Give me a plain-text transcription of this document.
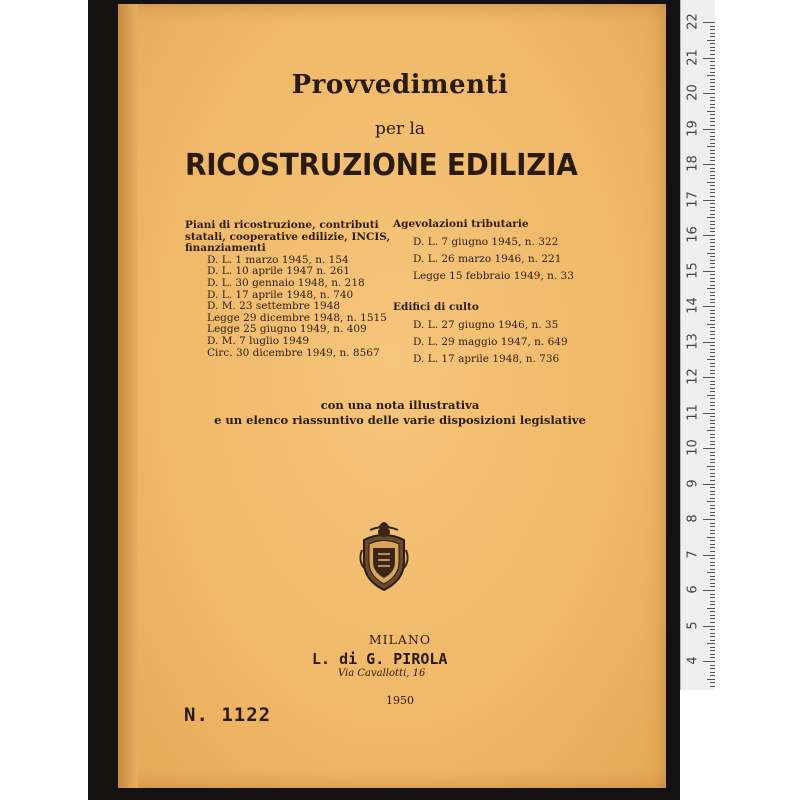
22
21
20
19
18
17
16
15
14
13
12
11
10
9
8
7
6
5
4
Provvedimenti
per la
RICOSTRUZIONE EDILIZIA
Piani di ricostruzione, contributi
statali, cooperative edilizie, INCIS,
finanziamenti
D. L. 1 marzo 1945, n. 154
D. L. 10 aprile 1947 n. 261
D. L. 30 gennaio 1948, n. 218
D. L. 17 aprile 1948, n. 740
D. M. 23 settembre 1948
Legge 29 dicembre 1948, n. 1515
Legge 25 giugno 1949, n. 409
D. M. 7 luglio 1949
Circ. 30 dicembre 1949, n. 8567
Agevolazioni tributarie
D. L. 7 giugno 1945, n. 322
D. L. 26 marzo 1946, n. 221
Legge 15 febbraio 1949, n. 33
Edifici di culto
D. L. 27 giugno 1946, n. 35
D. L. 29 maggio 1947, n. 649
D. L. 17 aprile 1948, n. 736
con una nota illustrativa
e un elenco riassuntivo delle varie disposizioni legislative
MILANO
L. di G. PIROLA
Via Cavallotti, 16
1950
N. 1122
